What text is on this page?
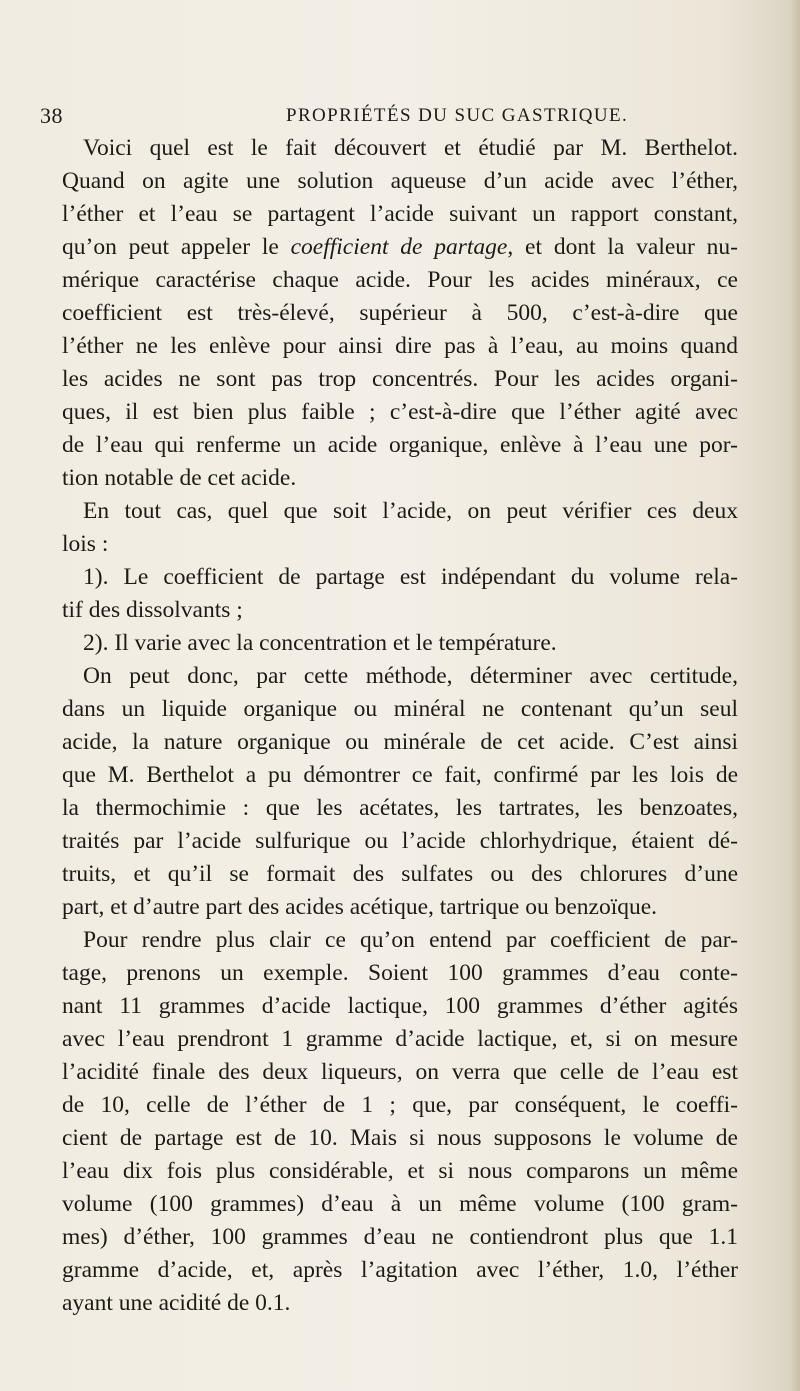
38	PROPRIÉTÉS DU SUC GASTRIQUE.
Voici quel est le fait découvert et étudié par M. Berthelot.
Quand on agite une solution aqueuse d’un acide avec l’éther,
l’éther et l’eau se partagent l’acide suivant un rapport constant,
qu’on peut appeler le coefficient de partage, et dont la valeur nu-
mérique caractérise chaque acide. Pour les acides minéraux, ce
coefficient est très-élevé, supérieur à 500, c’est-à-dire que
l’éther ne les enlève pour ainsi dire pas à l’eau, au moins quand
les acides ne sont pas trop concentrés. Pour les acides organi-
ques, il est bien plus faible ; c’est-à-dire que l’éther agité avec
de l’eau qui renferme un acide organique, enlève à l’eau une por-
tion notable de cet acide.
En tout cas, quel que soit l’acide, on peut vérifier ces deux
lois :
1). Le coefficient de partage est indépendant du volume rela-
tif des dissolvants ;
2). Il varie avec la concentration et le température.
On peut donc, par cette méthode, déterminer avec certitude,
dans un liquide organique ou minéral ne contenant qu’un seul
acide, la nature organique ou minérale de cet acide. C’est ainsi
que M. Berthelot a pu démontrer ce fait, confirmé par les lois de
la thermochimie : que les acétates, les tartrates, les benzoates,
traités par l’acide sulfurique ou l’acide chlorhydrique, étaient dé-
truits, et qu’il se formait des sulfates ou des chlorures d’une
part, et d’autre part des acides acétique, tartrique ou benzoïque.
Pour rendre plus clair ce qu’on entend par coefficient de par-
tage, prenons un exemple. Soient 100 grammes d’eau conte-
nant 11 grammes d’acide lactique, 100 grammes d’éther agités
avec l’eau prendront 1 gramme d’acide lactique, et, si on mesure
l’acidité finale des deux liqueurs, on verra que celle de l’eau est
de 10, celle de l’éther de 1 ; que, par conséquent, le coeffi-
cient de partage est de 10. Mais si nous supposons le volume de
l’eau dix fois plus considérable, et si nous comparons un même
volume (100 grammes) d’eau à un même volume (100 gram-
mes) d’éther, 100 grammes d’eau ne contiendront plus que 1.1
gramme d’acide, et, après l’agitation avec l’éther, 1.0, l’éther
ayant une acidité de 0.1.
